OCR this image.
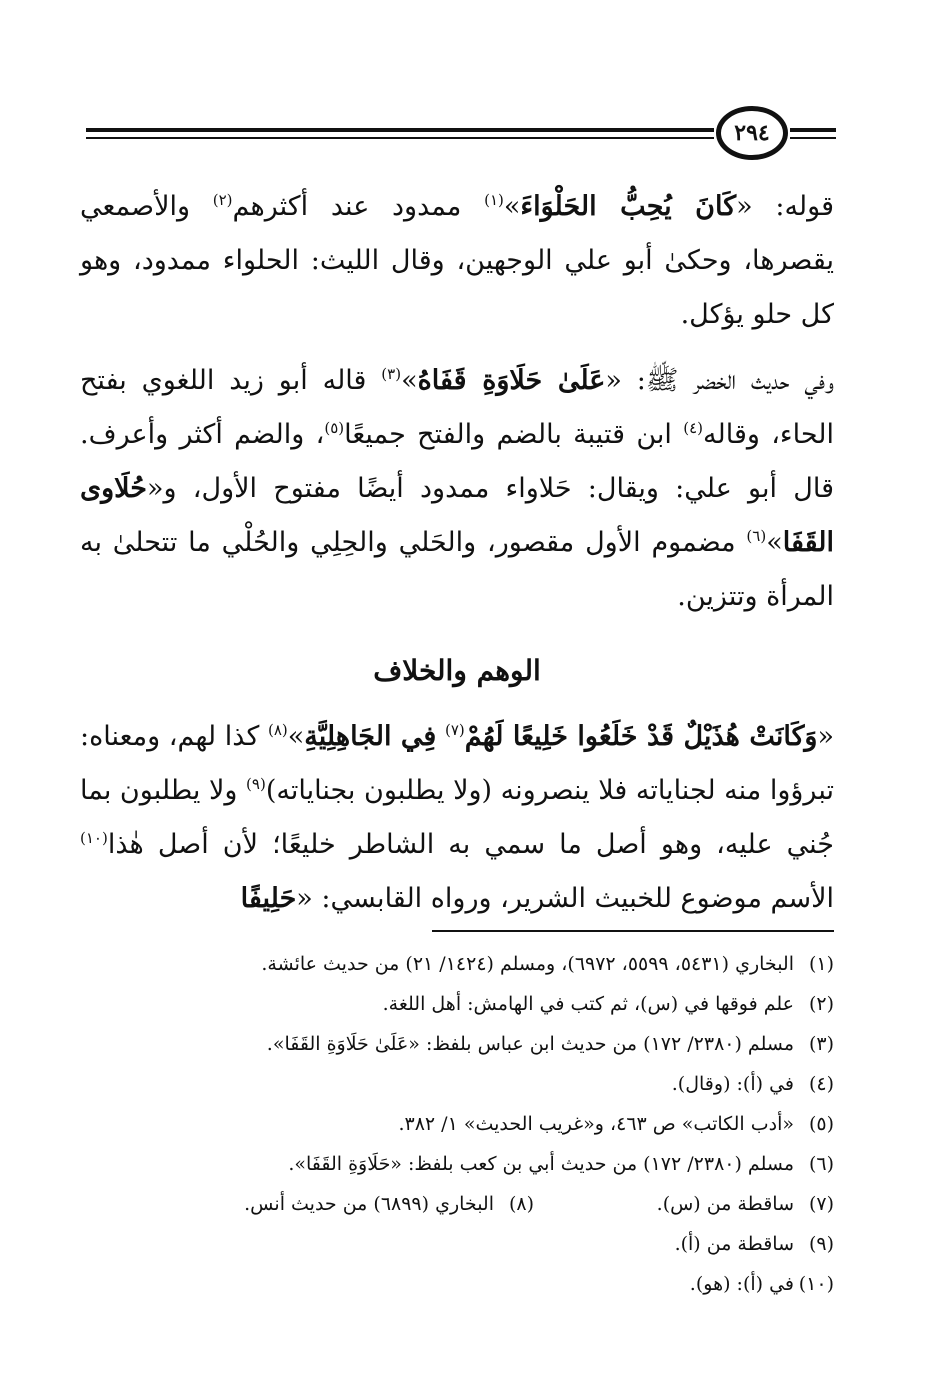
٢٩٤

قوله: «كَانَ يُحِبُّ الحَلْوَاءَ»$^{(١)}$ ممدود عند أكثرهم$^{(٢)}$ والأصمعي يقصرها، وحكىٰ أبو علي الوجهين، وقال الليث: الحلواء ممدود، وهو كل حلو يؤكل.

وفي حديث الخضر ﷺ: «عَلَىٰ حَلَاوَةِ قَفَاهُ»$^{(٣)}$ قاله أبو زيد اللغوي بفتح الحاء، وقاله$^{(٤)}$ ابن قتيبة بالضم والفتح جميعًا$^{(٥)}$، والضم أكثر وأعرف. قال أبو علي: ويقال: حَلاواء ممدود أيضًا مفتوح الأول، و«حُلَاوى القَفَا»$^{(٦)}$ مضموم الأول مقصور، والحَلي والحِلِي والحُلْي ما تتحلىٰ به المرأة وتتزين.

الوهم والخلاف

«وَكَانَتْ هُذَيْلٌ قَدْ خَلَعُوا خَلِيعًا لَهُمْ$^{(٧)}$ فِي الجَاهِلِيَّةِ»$^{(٨)}$ كذا لهم، ومعناه: تبرؤوا منه لجناياته فلا ينصرونه (ولا يطلبون بجناياته)$^{(٩)}$ ولا يطلبون بما جُني عليه، وهو أصل ما سمي به الشاطر خليعًا؛ لأن أصل هٰذا$^{(١٠)}$ الأسم موضوع للخبيث الشرير، ورواه القابسي: «حَلِيفًا

(١)البخاري (٥٤٣١، ٥٥٩٩، ٦٩٧٢)، ومسلم (١٤٢٤/ ٢١) من حديث عائشة.
(٢)علم فوقها في (س)، ثم كتب في الهامش: أهل اللغة.
(٣)مسلم (٢٣٨٠/ ١٧٢) من حديث ابن عباس بلفظ: «عَلَىٰ حَلَاوَةِ القَفَا».
(٤)في (أ): (وقال).
(٥)«أدب الكاتب» ص ٤٦٣، و«غريب الحديث» ١/ ٣٨٢.
(٦)مسلم (٢٣٨٠/ ١٧٢) من حديث أبي بن كعب بلفظ: «حَلَاوَةِ القَفَا».
(٧)ساقطة من (س).
(٨)البخاري (٦٨٩٩) من حديث أنس.
(٩)ساقطة من (أ).
(١٠)في (أ): (هو).
